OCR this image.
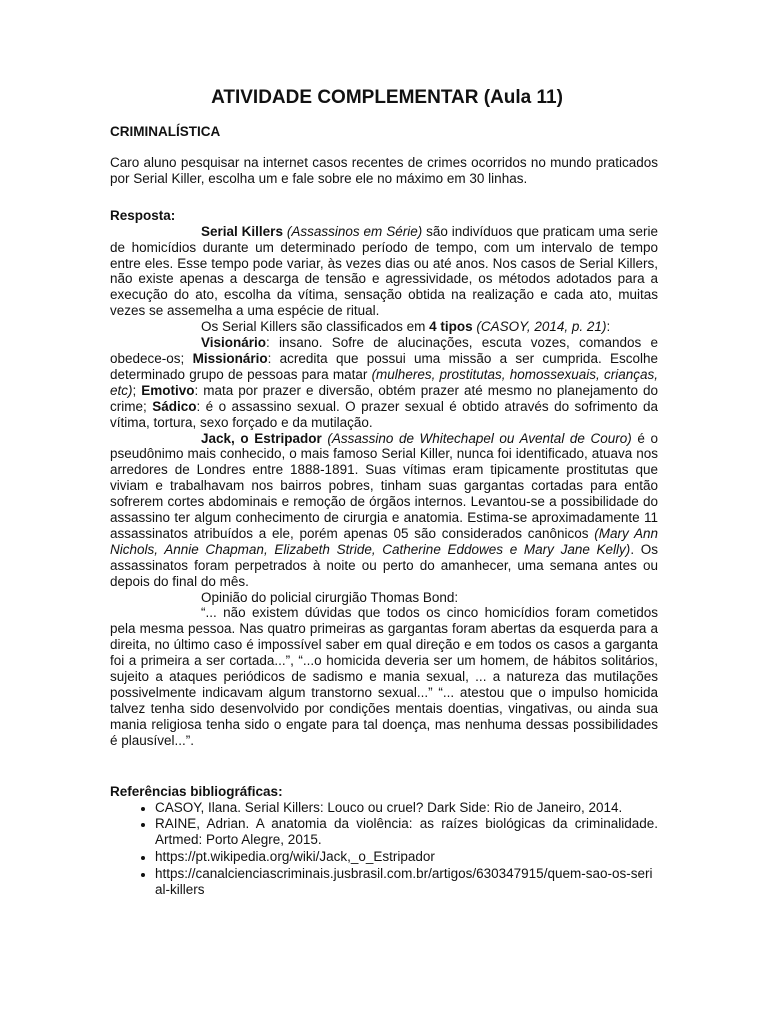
ATIVIDADE COMPLEMENTAR (Aula 11)
CRIMINALÍSTICA

Caro aluno pesquisar na internet casos recentes de crimes ocorridos no mundo praticados por Serial Killer, escolha um e fale sobre ele no máximo em 30 linhas.

Resposta:

Serial Killers (Assassinos em Série) são indivíduos que praticam uma serie de homicídios durante um determinado período de tempo, com um intervalo de tempo entre eles. Esse tempo pode variar, às vezes dias ou até anos. Nos casos de Serial Killers, não existe apenas a descarga de tensão e agressividade, os métodos adotados para a execução do ato, escolha da vítima, sensação obtida na realização e cada ato, muitas vezes se assemelha a uma espécie de ritual.

Os Serial Killers são classificados em 4 tipos (CASOY, 2014, p. 21):

Visionário: insano. Sofre de alucinações, escuta vozes, comandos e obedece-os; Missionário: acredita que possui uma missão a ser cumprida. Escolhe determinado grupo de pessoas para matar (mulheres, prostitutas, homossexuais, crianças, etc); Emotivo: mata por prazer e diversão, obtém prazer até mesmo no planejamento do crime; Sádico: é o assassino sexual. O prazer sexual é obtido através do sofrimento da vítima, tortura, sexo forçado e da mutilação.

Jack, o Estripador (Assassino de Whitechapel ou Avental de Couro) é o pseudônimo mais conhecido, o mais famoso Serial Killer, nunca foi identificado, atuava nos arredores de Londres entre 1888-1891. Suas vítimas eram tipicamente prostitutas que viviam e trabalhavam nos bairros pobres, tinham suas gargantas cortadas para então sofrerem cortes abdominais e remoção de órgãos internos. Levantou-se a possibilidade do assassino ter algum conhecimento de cirurgia e anatomia. Estima-se aproximadamente 11 assassinatos atribuídos a ele, porém apenas 05 são considerados canônicos (Mary Ann Nichols, Annie Chapman, Elizabeth Stride, Catherine Eddowes e Mary Jane Kelly). Os assassinatos foram perpetrados à noite ou perto do amanhecer, uma semana antes ou depois do final do mês.

Opinião do policial cirurgião Thomas Bond:

“... não existem dúvidas que todos os cinco homicídios foram cometidos pela mesma pessoa. Nas quatro primeiras as gargantas foram abertas da esquerda para a direita, no último caso é impossível saber em qual direção e em todos os casos a garganta foi a primeira a ser cortada...”, “...o homicida deveria ser um homem, de hábitos solitários, sujeito a ataques periódicos de sadismo e mania sexual, ... a natureza das mutilações possivelmente indicavam algum transtorno sexual...” “... atestou que o impulso homicida talvez tenha sido desenvolvido por condições mentais doentias, vingativas, ou ainda sua mania religiosa tenha sido o engate para tal doença, mas nenhuma dessas possibilidades é plausível...”.

Referências bibliográficas:

• CASOY, Ilana. Serial Killers: Louco ou cruel? Dark Side: Rio de Janeiro, 2014.
• RAINE, Adrian. A anatomia da violência: as raízes biológicas da criminalidade. Artmed: Porto Alegre, 2015.
• https://pt.wikipedia.org/wiki/Jack,_o_Estripador
• https://canalcienciascriminais.jusbrasil.com.br/artigos/630347915/quem-sao-os-serial-killers
